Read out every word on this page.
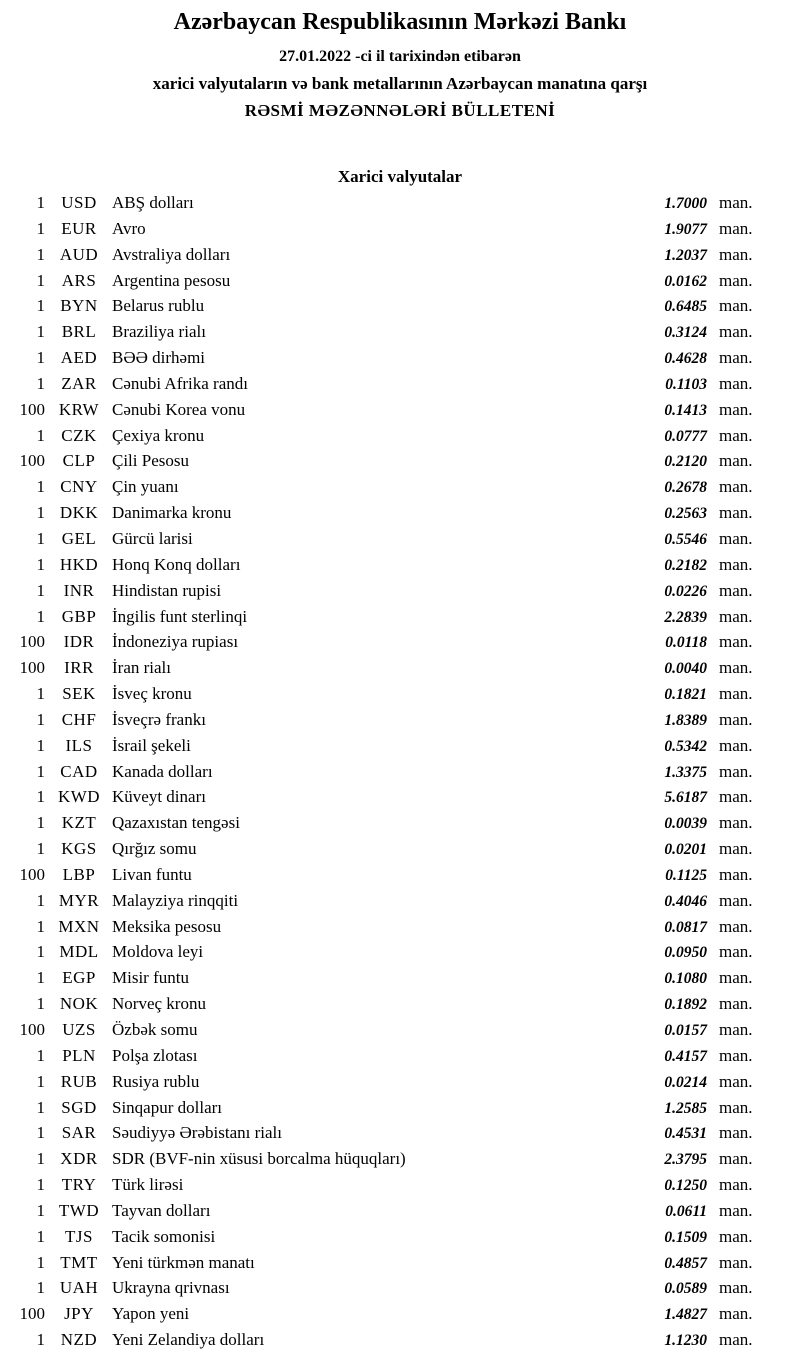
Azərbaycan Respublikasının Mərkəzi Bankı
27.01.2022 -ci il tarixindən etibarən
xarici valyutaların və bank metallarının Azərbaycan manatına qarşı
RƏSMİ MƏZƏNNƏLƏRİ BÜLLETENİ
Xarici valyutalar
1 USD ABŞ dolları	1.7000 man.
1 EUR Avro	1.9077 man.
1 AUD Avstraliya dolları	1.2037 man.
1 ARS Argentina pesosu	0.0162 man.
1 BYN Belarus rublu	0.6485 man.
1 BRL Braziliya rialı	0.3124 man.
1 AED BƏƏ dirhəmi	0.4628 man.
1 ZAR Cənubi Afrika randı	0.1103 man.
100 KRW Cənubi Korea vonu	0.1413 man.
1 CZK Çexiya kronu	0.0777 man.
100	CLP Çili Pesosu	0.2120 man.
1 CNY Çin yuanı	0.2678 man.
1 DKK Danimarka kronu	0.2563 man.
1 GEL Gürcü larisi	0.5546 man.
1 HKD Honq Konq dolları	0.2182 man.
1	INR	Hindistan rupisi	0.0226 man.
1 GBP İngilis funt sterlinqi	2.2839 man.
100	IDR	İndoneziya rupiası	0.0118 man.
100	IRR	İran rialı	0.0040 man.
1	SEK İsveç kronu	0.1821 man.
1 CHF İsveçrə frankı	1.8389 man.
1	ILS	İsrail şekeli	0.5342 man.
1 CAD Kanada dolları	1.3375 man.
1 KWD Küveyt dinarı	5.6187 man.
1 KZT Qazaxıstan tengəsi	0.0039 man.
1 KGS Qırğız somu	0.0201 man.
100	LBP Livan funtu	0.1125 man.
1 MYR Malayziya rinqqiti	0.4046 man.
1 MXN Meksika pesosu	0.0817 man.
1 MDL Moldova leyi	0.0950 man.
1	EGP Misir funtu	0.1080 man.
1 NOK Norveç kronu	0.1892 man.
100	UZS Özbək somu	0.0157 man.
1	PLN Polşa zlotası	0.4157 man.
1 RUB Rusiya rublu	0.0214 man.
1 SGD Sinqapur dolları	1.2585 man.
1 SAR Səudiyyə Ərəbistanı rialı	0.4531 man.
1 XDR SDR (BVF-nin xüsusi borcalma hüquqları)	2.3795 man.
1 TRY Türk lirəsi	0.1250 man.
1 TWD Tayvan dolları	0.0611 man.
1	TJS	Tacik somonisi	0.1509 man.
1 TMT Yeni türkmən manatı	0.4857 man.
1 UAH Ukrayna qrivnası	0.0589 man.
100	JPY	Yapon yeni	1.4827 man.
1 NZD Yeni Zelandiya dolları	1.1230 man.
